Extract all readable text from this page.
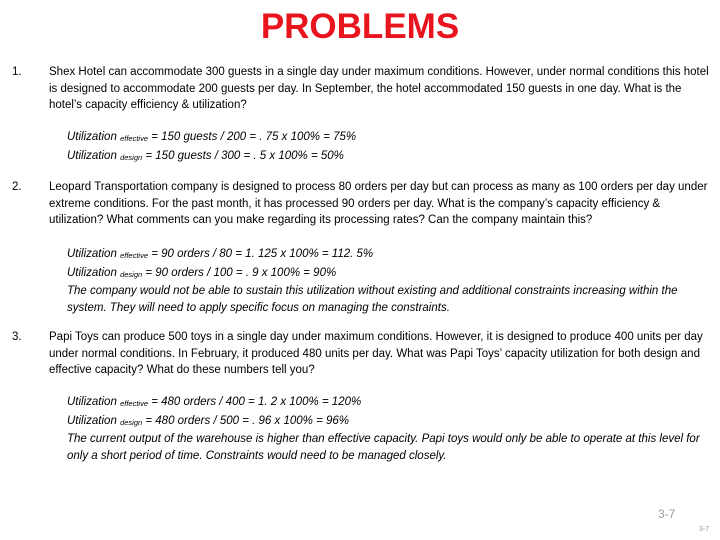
PROBLEMS
1. Shex Hotel can accommodate 300 guests in a single day under maximum conditions. However, under normal conditions this hotel is designed to accommodate 200 guests per day. In September, the hotel accommodated 150 guests in one day. What is the hotel’s capacity efficiency & utilization?
Utilization effective = 150 guests / 200 = . 75 x 100% = 75%
Utilization design = 150 guests / 300 = . 5 x 100% = 50%
2. Leopard Transportation company is designed to process 80 orders per day but can process as many as 100 orders per day under extreme conditions. For the past month, it has processed 90 orders per day. What is the company’s capacity efficiency & utilization? What comments can you make regarding its processing rates? Can the company maintain this?
Utilization effective = 90 orders / 80 = 1. 125 x 100% = 112. 5%
Utilization design = 90 orders / 100 = . 9 x 100% = 90%
The company would not be able to sustain this utilization without existing and additional constraints increasing within the system. They will need to apply specific focus on managing the constraints.
3. Papi Toys can produce 500 toys in a single day under maximum conditions. However, it is designed to produce 400 units per day under normal conditions. In February, it produced 480 units per day. What was Papi Toys’ capacity utilization for both design and effective capacity? What do these numbers tell you?
Utilization effective = 480 orders / 400 = 1. 2 x 100% = 120%
Utilization design = 480 orders / 500 = . 96 x 100% = 96%
The current output of the warehouse is higher than effective capacity. Papi toys would only be able to operate at this level for only a short period of time. Constraints would need to be managed closely.
3-7
3-7
